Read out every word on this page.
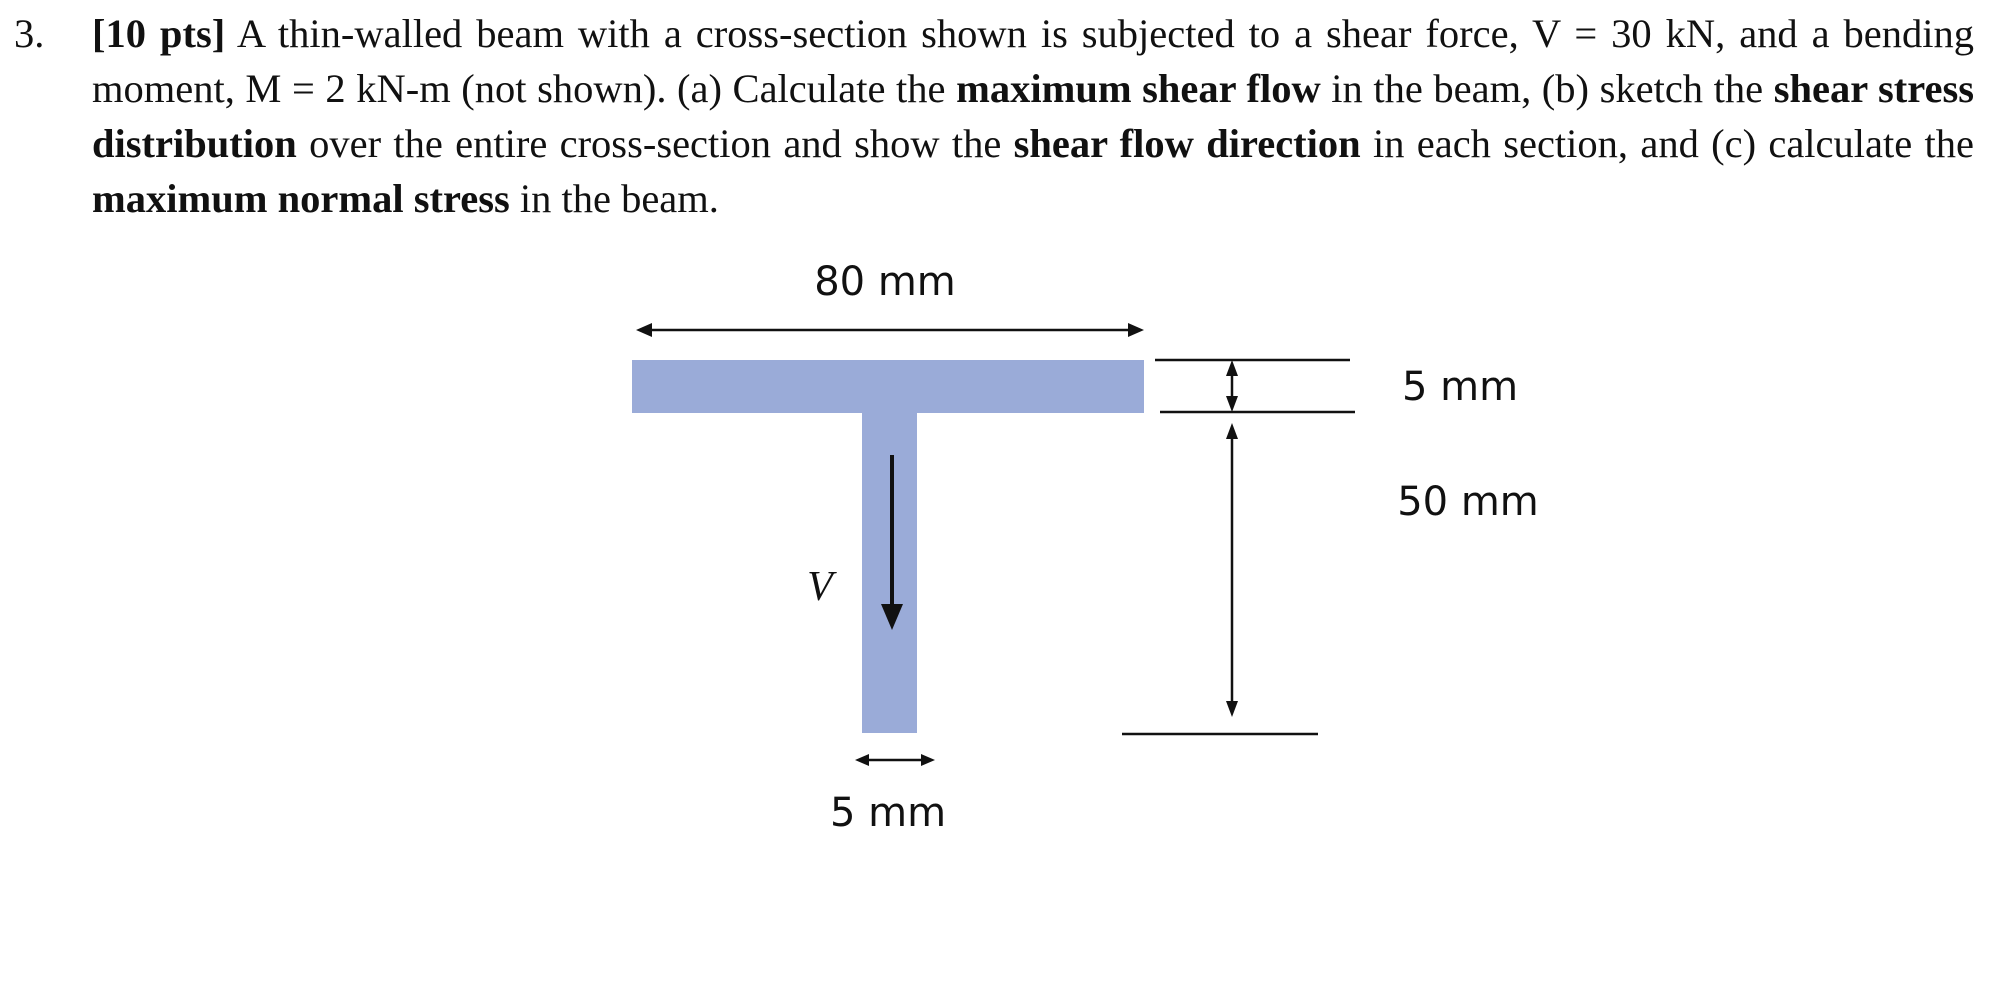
3.	[10 pts] A thin-walled beam with a cross-section shown is subjected to a shear force, V = 30 kN, and a bending moment, M = 2 kN-m (not shown). (a) Calculate the maximum shear flow in the beam, (b) sketch the shear stress distribution over the entire cross-section and show the shear flow direction in each section, and (c) calculate the maximum normal stress in the beam.
80 mm
V
5 mm
50 mm
5 mm
